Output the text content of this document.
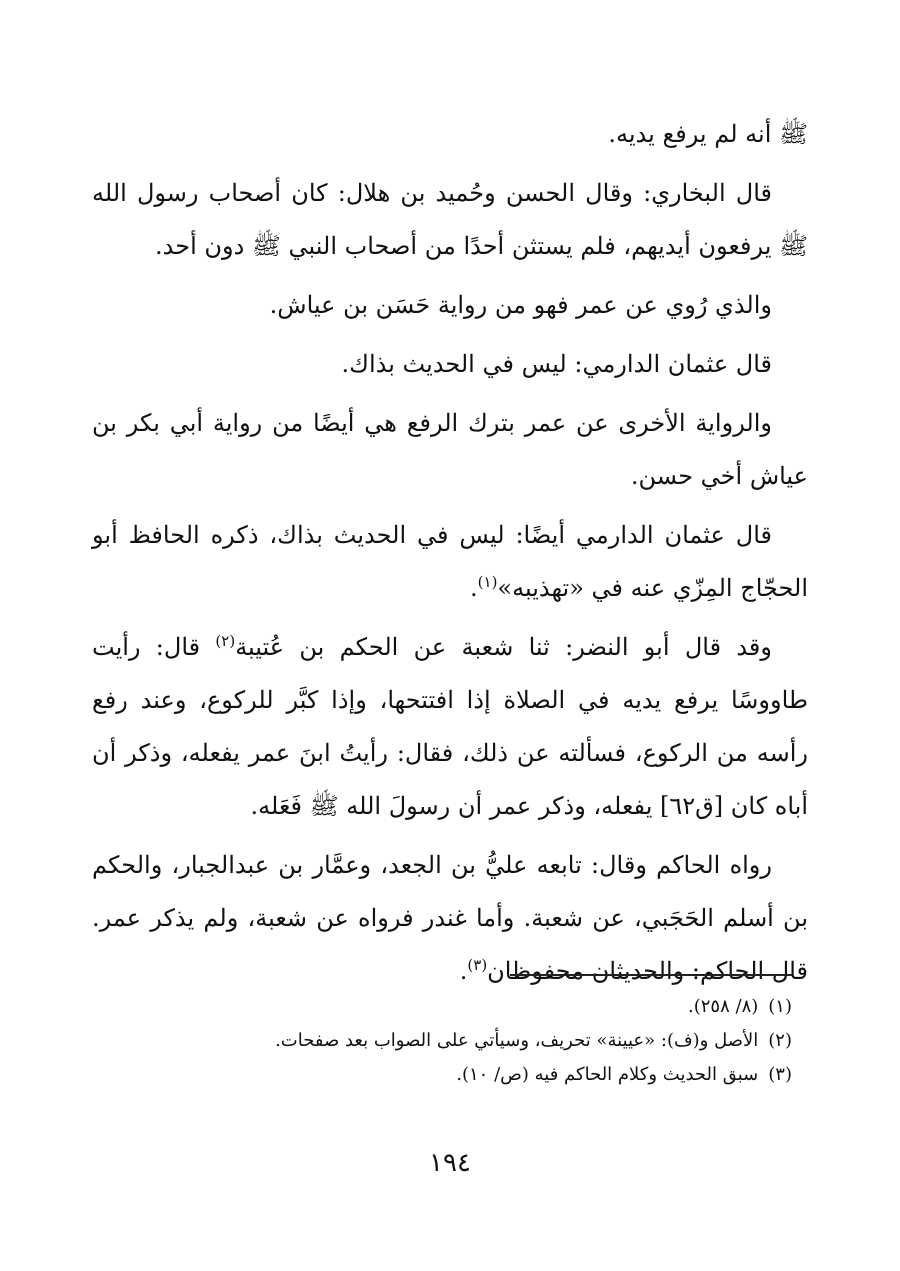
ﷺ أنه لم يرفع يديه.

قال البخاري: وقال الحسن وحُميد بن هلال: كان أصحاب رسول الله ﷺ يرفعون أيديهم، فلم يستثن أحدًا من أصحاب النبي ﷺ دون أحد.

والذي رُوي عن عمر فهو من رواية حَسَن بن عياش.

قال عثمان الدارمي: ليس في الحديث بذاك.

والرواية الأخرى عن عمر بترك الرفع هي أيضًا من رواية أبي بكر بن عياش أخي حسن.

قال عثمان الدارمي أيضًا: ليس في الحديث بذاك، ذكره الحافظ أبو الحجّاج المِزّي عنه في «تهذيبه»$^{(١)}$.

وقد قال أبو النضر: ثنا شعبة عن الحكم بن عُتيبة$^{(٢)}$ قال: رأيت طاووسًا يرفع يديه في الصلاة إذا افتتحها، وإذا كبَّر للركوع، وعند رفع رأسه من الركوع، فسألته عن ذلك، فقال: رأيتُ ابنَ عمر يفعله، وذكر أن أباه كان [ق٦٢] يفعله، وذكر عمر أن رسولَ الله ﷺ فَعَله.

رواه الحاكم وقال: تابعه عليُّ بن الجعد، وعمَّار بن عبدالجبار، والحكم بن أسلم الحَجَبي، عن شعبة. وأما غندر فرواه عن شعبة، ولم يذكر عمر. قال الحاكم: والحديثان محفوظان$^{(٣)}$.

(١)(٨/ ٢٥٨).

(٢)الأصل و(ف): «عيينة» تحريف، وسيأتي على الصواب بعد صفحات.

(٣)سبق الحديث وكلام الحاكم فيه (ص/ ١٠).

١٩٤
